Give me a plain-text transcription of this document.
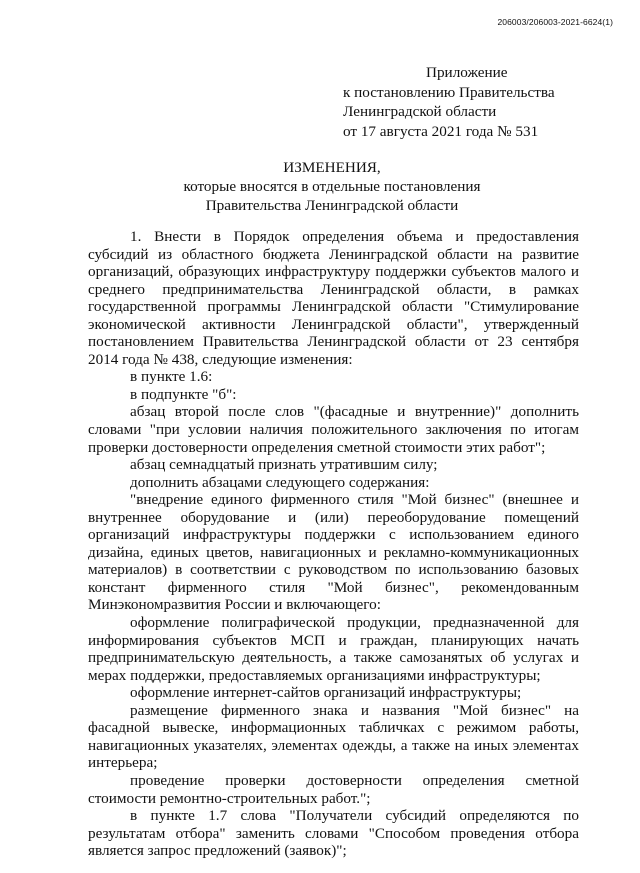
206003/206003-2021-6624(1)
Приложение
к постановлению Правительства
Ленинградской области
от 17 августа 2021 года № 531
ИЗМЕНЕНИЯ,
которые вносятся в отдельные постановления
Правительства Ленинградской области

1. Внести в Порядок определения объема и предоставления субсидий из областного бюджета Ленинградской области на развитие организаций, образующих инфраструктуру поддержки субъектов малого и среднего предпринимательства Ленинградской области, в рамках государственной программы Ленинградской области "Стимулирование экономической активности Ленинградской области", утвержденный постановлением Правительства Ленинградской области от 23 сентября 2014 года № 438, следующие изменения:

в пункте 1.6:

в подпункте "б":

абзац второй после слов "(фасадные и внутренние)" дополнить словами "при условии наличия положительного заключения по итогам проверки достоверности определения сметной стоимости этих работ";

абзац семнадцатый признать утратившим силу;

дополнить абзацами следующего содержания:

"внедрение единого фирменного стиля "Мой бизнес" (внешнее и внутреннее оборудование и (или) переоборудование помещений организаций инфраструктуры поддержки с использованием единого дизайна, единых цветов, навигационных и рекламно-коммуникационных материалов) в соответствии с руководством по использованию базовых констант фирменного стиля "Мой бизнес", рекомендованным Минэкономразвития России и включающего:

оформление полиграфической продукции, предназначенной для информирования субъектов МСП и граждан, планирующих начать предпринимательскую деятельность, а также самозанятых об услугах и мерах поддержки, предоставляемых организациями инфраструктуры;

оформление интернет-сайтов организаций инфраструктуры;

размещение фирменного знака и названия "Мой бизнес" на фасадной вывеске, информационных табличках с режимом работы, навигационных указателях, элементах одежды, а также на иных элементах интерьера;

проведение проверки достоверности определения сметной стоимости ремонтно-строительных работ.";

в пункте 1.7 слова "Получатели субсидий определяются по результатам отбора" заменить словами "Способом проведения отбора является запрос предложений (заявок)";
